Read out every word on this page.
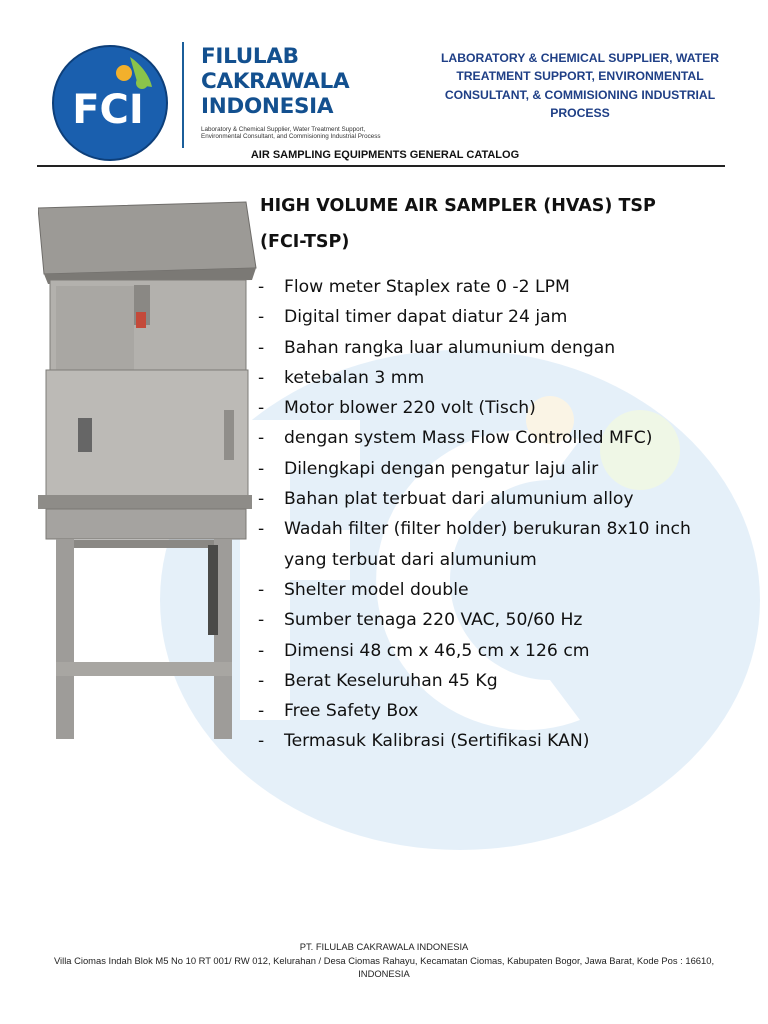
FCI
FILULAB
CAKRAWALA
INDONESIA
Laboratory & Chemical Supplier, Water Treatment Support, Environmental Consultant, and Commisioning Industrial Process
LABORATORY & CHEMICAL SUPPLIER, WATER TREATMENT SUPPORT, ENVIRONMENTAL CONSULTANT, & COMMISIONING INDUSTRIAL PROCESS
AIR SAMPLING EQUIPMENTS GENERAL CATALOG
HIGH VOLUME AIR SAMPLER (HVAS) TSP
(FCI-TSP)
- Flow meter Staplex rate 0 -2 LPM
- Digital timer dapat diatur 24 jam
- Bahan rangka luar alumunium dengan
- ketebalan 3 mm
- Motor blower 220 volt (Tisch)
- dengan system Mass Flow Controlled MFC)
- Dilengkapi dengan pengatur laju alir
- Bahan plat terbuat dari alumunium alloy
- Wadah filter (filter holder) berukuran 8x10 inch yang terbuat dari alumunium
- Shelter model double
- Sumber tenaga 220 VAC, 50/60 Hz
- Dimensi 48 cm x 46,5 cm x 126 cm
- Berat Keseluruhan 45 Kg
- Free Safety Box
- Termasuk Kalibrasi (Sertifikasi KAN)
PT. FILULAB CAKRAWALA INDONESIA
Villa Ciomas Indah Blok M5 No 10 RT 001/ RW 012, Kelurahan / Desa Ciomas Rahayu, Kecamatan Ciomas, Kabupaten Bogor, Jawa Barat, Kode Pos : 16610, INDONESIA
